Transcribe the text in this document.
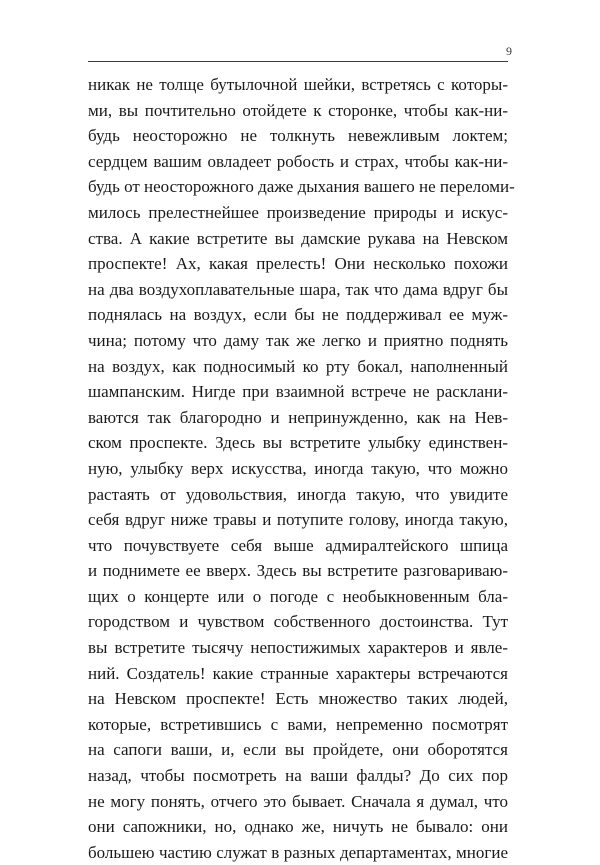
9
никак не толще бутылочной шейки, встретясь с которы-
ми, вы почтительно отойдете к сторонке, чтобы как-ни-
будь неосторожно не толкнуть невежливым локтем;
сердцем вашим овладеет робость и страх, чтобы как-ни-
будь от неосторожного даже дыхания вашего не переломи-
милось прелестнейшее произведение природы и искус-
ства. А какие встретите вы дамские рукава на Невском
проспекте! Ах, какая прелесть! Они несколько похожи
на два воздухоплавательные шара, так что дама вдруг бы
поднялась на воздух, если бы не поддерживал ее муж-
чина; потому что даму так же легко и приятно поднять
на воздух, как подносимый ко рту бокал, наполненный
шампанским. Нигде при взаимной встрече не расклани-
ваются так благородно и непринужденно, как на Нев-
ском проспекте. Здесь вы встретите улыбку единствен-
ную, улыбку верх искусства, иногда такую, что можно
растаять от удовольствия, иногда такую, что увидите
себя вдруг ниже травы и потупите голову, иногда такую,
что почувствуете себя выше адмиралтейского шпица
и поднимете ее вверх. Здесь вы встретите разговариваю-
щих о концерте или о погоде с необыкновенным бла-
городством и чувством собственного достоинства. Тут
вы встретите тысячу непостижимых характеров и явле-
ний. Создатель! какие странные характеры встречаются
на Невском проспекте! Есть множество таких людей,
которые, встретившись с вами, непременно посмотрят
на сапоги ваши, и, если вы пройдете, они оборотятся
назад, чтобы посмотреть на ваши фалды? До сих пор
не могу понять, отчего это бывает. Сначала я думал, что
они сапожники, но, однако же, ничуть не бывало: они
большею частию служат в разных департаментах, многие
